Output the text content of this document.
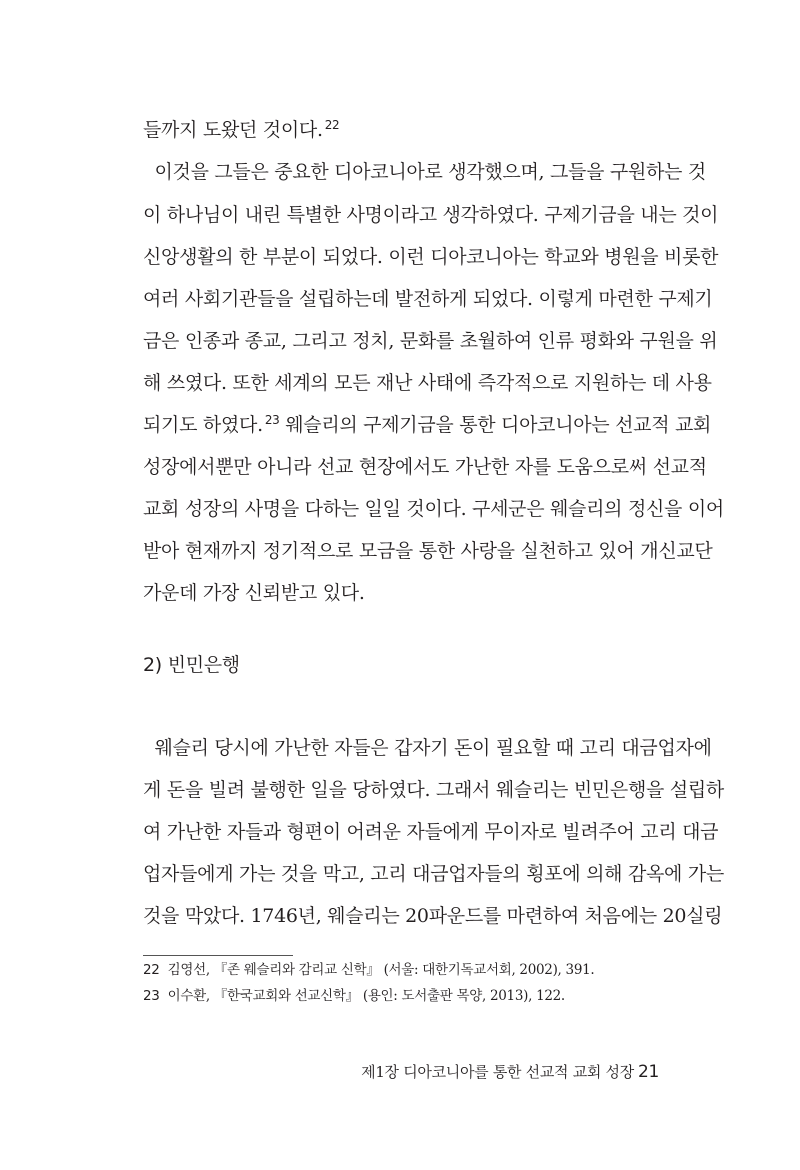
들까지 도왔던 것이다. $^{22}$
이것을 그들은 중요한 디아코니아로 생각했으며, 그들을 구원하는 것
이 하나님이 내린 특별한 사명이라고 생각하였다. 구제기금을 내는 것이
신앙생활의 한 부분이 되었다. 이런 디아코니아는 학교와 병원을 비롯한
여러 사회기관들을 설립하는데 발전하게 되었다. 이렇게 마련한 구제기
금은 인종과 종교, 그리고 정치, 문화를 초월하여 인류 평화와 구원을 위
해 쓰였다. 또한 세계의 모든 재난 사태에 즉각적으로 지원하는 데 사용
되기도 하였다. $^{23}$ 웨슬리의 구제기금을 통한 디아코니아는 선교적 교회
성장에서뿐만 아니라 선교 현장에서도 가난한 자를 도움으로써 선교적
교회 성장의 사명을 다하는 일일 것이다. 구세군은 웨슬리의 정신을 이어
받아 현재까지 정기적으로 모금을 통한 사랑을 실천하고 있어 개신교단
가운데 가장 신뢰받고 있다.
2) 빈민은행
웨슬리 당시에 가난한 자들은 갑자기 돈이 필요할 때 고리 대금업자에
게 돈을 빌려 불행한 일을 당하였다. 그래서 웨슬리는 빈민은행을 설립하
여 가난한 자들과 형편이 어려운 자들에게 무이자로 빌려주어 고리 대금
업자들에게 가는 것을 막고, 고리 대금업자들의 횡포에 의해 감옥에 가는
것을 막았다. 1746년, 웨슬리는 20파운드를 마련하여 처음에는 20실링
22 김영선, 『존 웨슬리와 감리교 신학』 (서울: 대한기독교서회, 2002), 391.
23 이수환, 『한국교회와 선교신학』 (용인: 도서출판 목양, 2013), 122.
제1장 디아코니아를 통한 선교적 교회 성장 21
